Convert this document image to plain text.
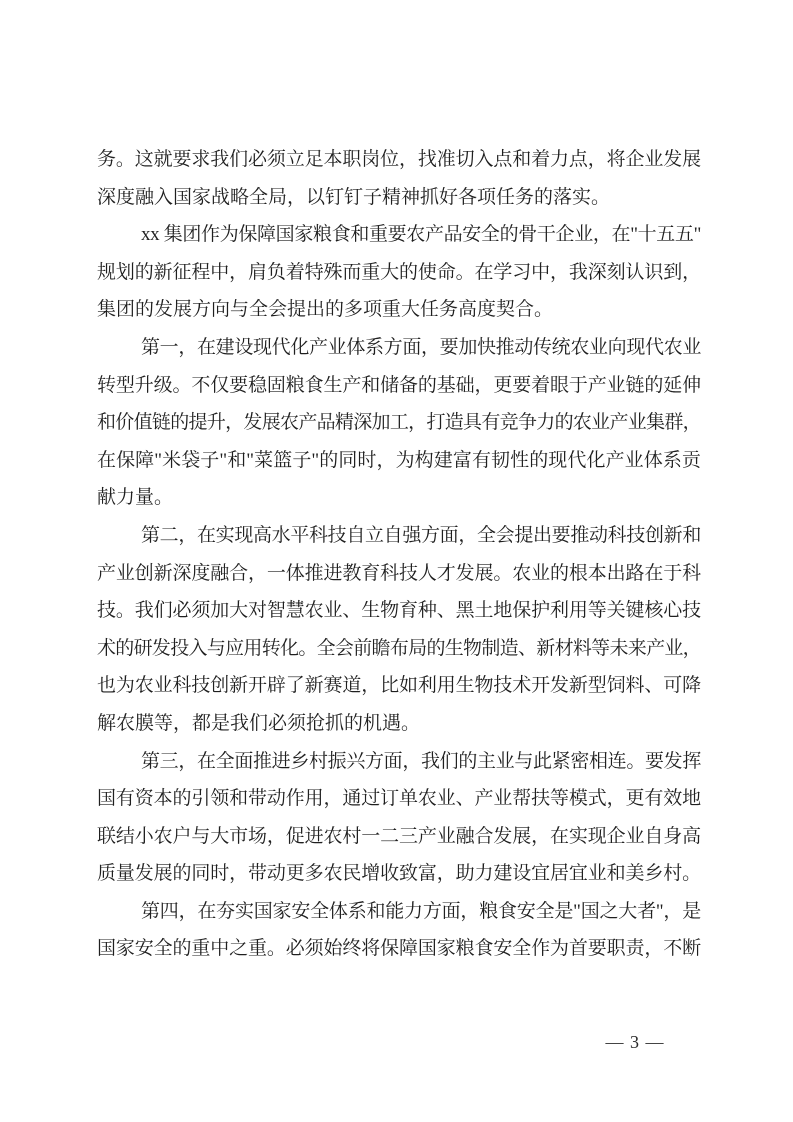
务。这就要求我们必须立足本职岗位，找准切入点和着力点，将企业发展
深度融入国家战略全局，以钉钉子精神抓好各项任务的落实。
xx 集团作为保障国家粮食和重要农产品安全的骨干企业，在"十五五"
规划的新征程中，肩负着特殊而重大的使命。在学习中，我深刻认识到，
集团的发展方向与全会提出的多项重大任务高度契合。
第一，在建设现代化产业体系方面，要加快推动传统农业向现代农业
转型升级。不仅要稳固粮食生产和储备的基础，更要着眼于产业链的延伸
和价值链的提升，发展农产品精深加工，打造具有竞争力的农业产业集群，
在保障"米袋子"和"菜篮子"的同时，为构建富有韧性的现代化产业体系贡
献力量。
第二，在实现高水平科技自立自强方面，全会提出要推动科技创新和
产业创新深度融合，一体推进教育科技人才发展。农业的根本出路在于科
技。我们必须加大对智慧农业、生物育种、黑土地保护利用等关键核心技
术的研发投入与应用转化。全会前瞻布局的生物制造、新材料等未来产业，
也为农业科技创新开辟了新赛道，比如利用生物技术开发新型饲料、可降
解农膜等，都是我们必须抢抓的机遇。
第三，在全面推进乡村振兴方面，我们的主业与此紧密相连。要发挥
国有资本的引领和带动作用，通过订单农业、产业帮扶等模式，更有效地
联结小农户与大市场，促进农村一二三产业融合发展，在实现企业自身高
质量发展的同时，带动更多农民增收致富，助力建设宜居宜业和美乡村。
第四，在夯实国家安全体系和能力方面，粮食安全是"国之大者"，是
国家安全的重中之重。必须始终将保障国家粮食安全作为首要职责，不断
— 3 —
